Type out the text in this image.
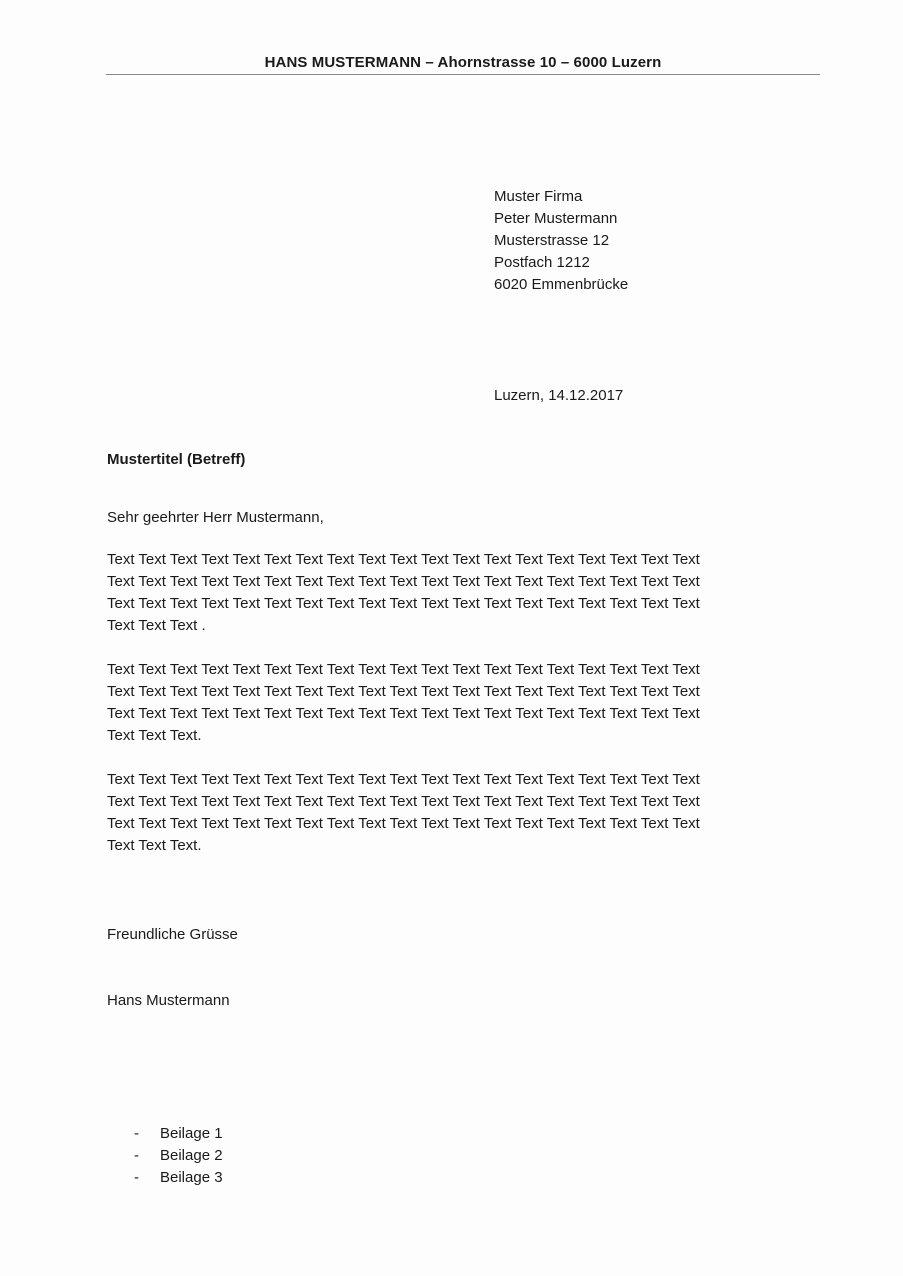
HANS MUSTERMANN – Ahornstrasse 10 – 6000 Luzern
Muster Firma
Peter Mustermann
Musterstrasse 12
Postfach 1212
6020 Emmenbrücke
Luzern, 14.12.2017
Mustertitel (Betreff)
Sehr geehrter Herr Mustermann,
Text Text Text Text Text Text Text Text Text Text Text Text Text Text Text Text Text Text Text
Text Text Text Text Text Text Text Text Text Text Text Text Text Text Text Text Text Text Text
Text Text Text Text Text Text Text Text Text Text Text Text Text Text Text Text Text Text Text
Text Text Text .
Text Text Text Text Text Text Text Text Text Text Text Text Text Text Text Text Text Text Text
Text Text Text Text Text Text Text Text Text Text Text Text Text Text Text Text Text Text Text
Text Text Text Text Text Text Text Text Text Text Text Text Text Text Text Text Text Text Text
Text Text Text.
Text Text Text Text Text Text Text Text Text Text Text Text Text Text Text Text Text Text Text
Text Text Text Text Text Text Text Text Text Text Text Text Text Text Text Text Text Text Text
Text Text Text Text Text Text Text Text Text Text Text Text Text Text Text Text Text Text Text
Text Text Text.
Freundliche Grüsse
Hans Mustermann
- Beilage 1
- Beilage 2
- Beilage 3
